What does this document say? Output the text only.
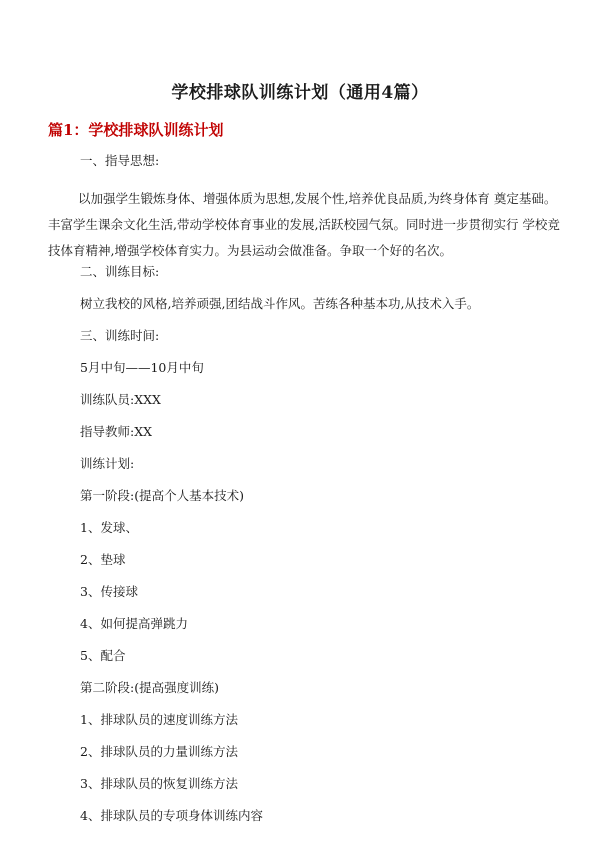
学校排球队训练计划（通用4篇）
篇1：学校排球队训练计划
一、指导思想:
以加强学生锻炼身体、增强体质为思想,发展个性,培养优良品质,为终身体育 奠定基础。丰富学生课余文化生活,带动学校体育事业的发展,活跃校园气氛。同时进一步贯彻实行 学校竞技体育精神,增强学校体育实力。为县运动会做准备。争取一个好的名次。
二、训练目标:
树立我校的风格,培养顽强,团结战斗作风。苦练各种基本功,从技术入手。
三、训练时间:
5月中旬——10月中旬
训练队员:XXX
指导教师:XX
训练计划:
第一阶段:(提高个人基本技术)
1、发球、
2、垫球
3、传接球
4、如何提高弹跳力
5、配合
第二阶段:(提高强度训练)
1、排球队员的速度训练方法
2、排球队员的力量训练方法
3、排球队员的恢复训练方法
4、排球队员的专项身体训练内容
